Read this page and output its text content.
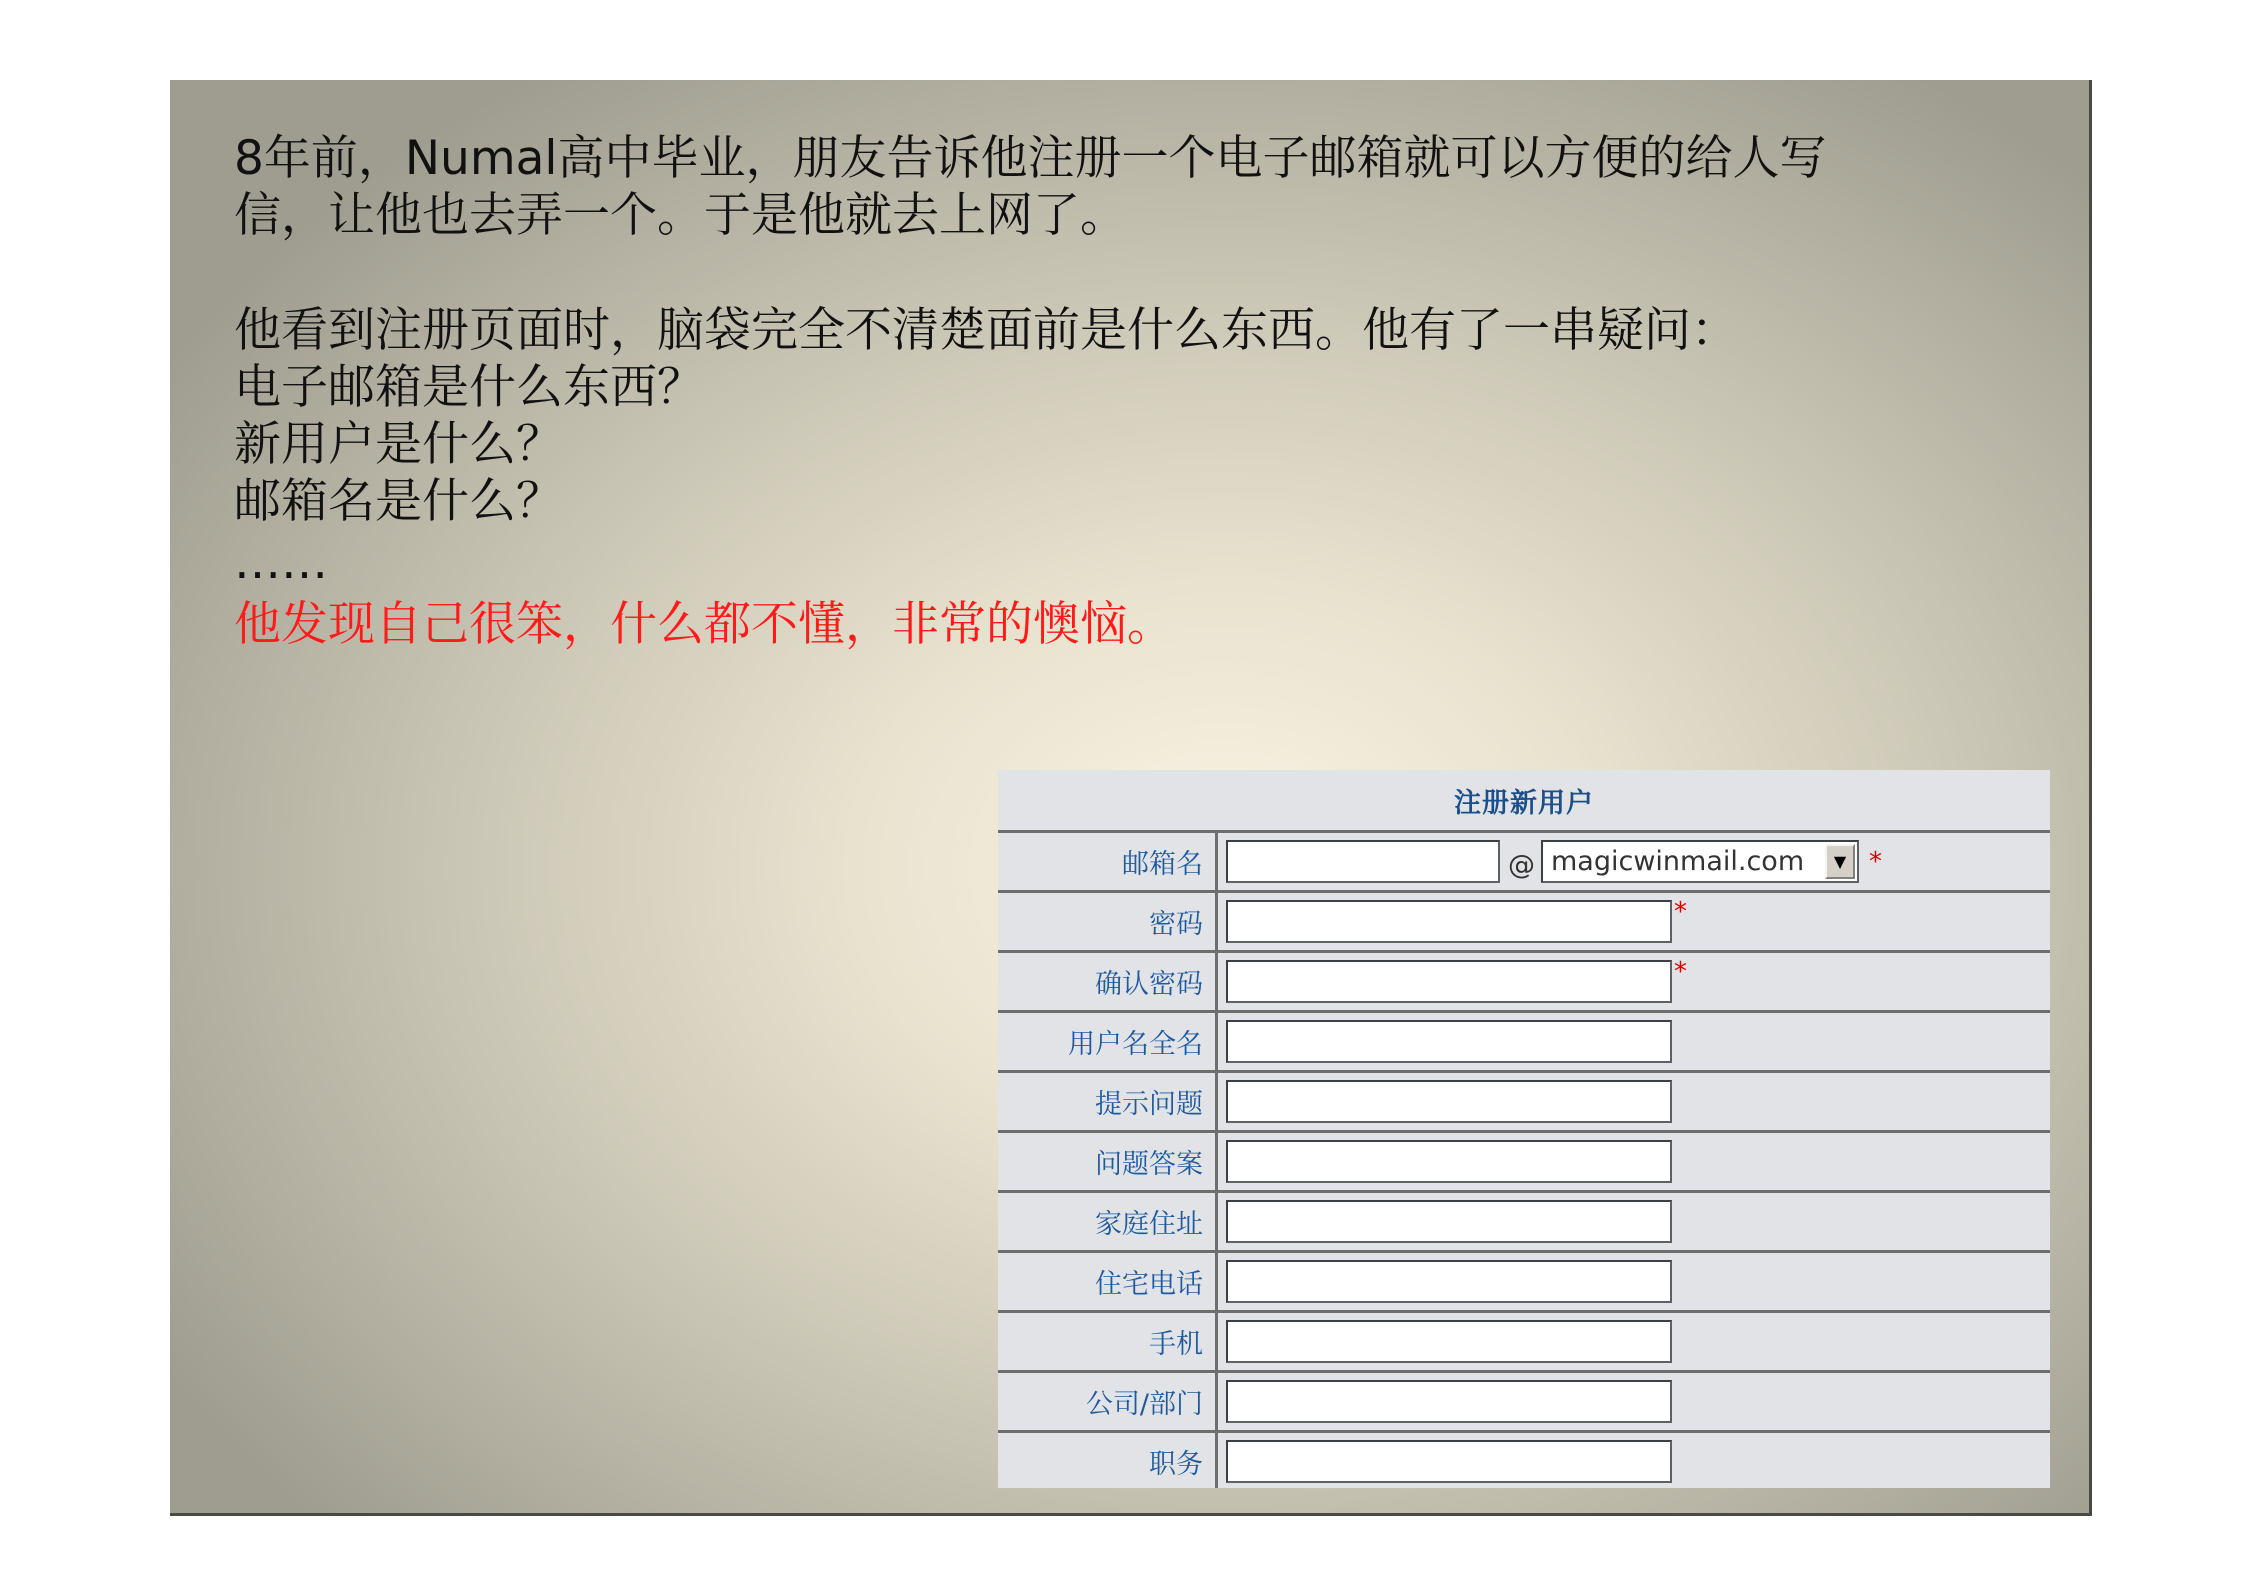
8年前，Numal高中毕业，朋友告诉他注册一个电子邮箱就可以方便的给人写

信，让他也去弄一个。于是他就去上网了。

他看到注册页面时，脑袋完全不清楚面前是什么东西。他有了一串疑问：

电子邮箱是什么东西？

新用户是什么？

邮箱名是什么？

……

他发现自己很笨，什么都不懂，非常的懊恼。

注册新用户
邮箱名	@ magicwinmail.com	▼ *
密码	*
确认密码	*
用户名全名
提示问题
问题答案
家庭住址
住宅电话
手机
公司/部门
职务
